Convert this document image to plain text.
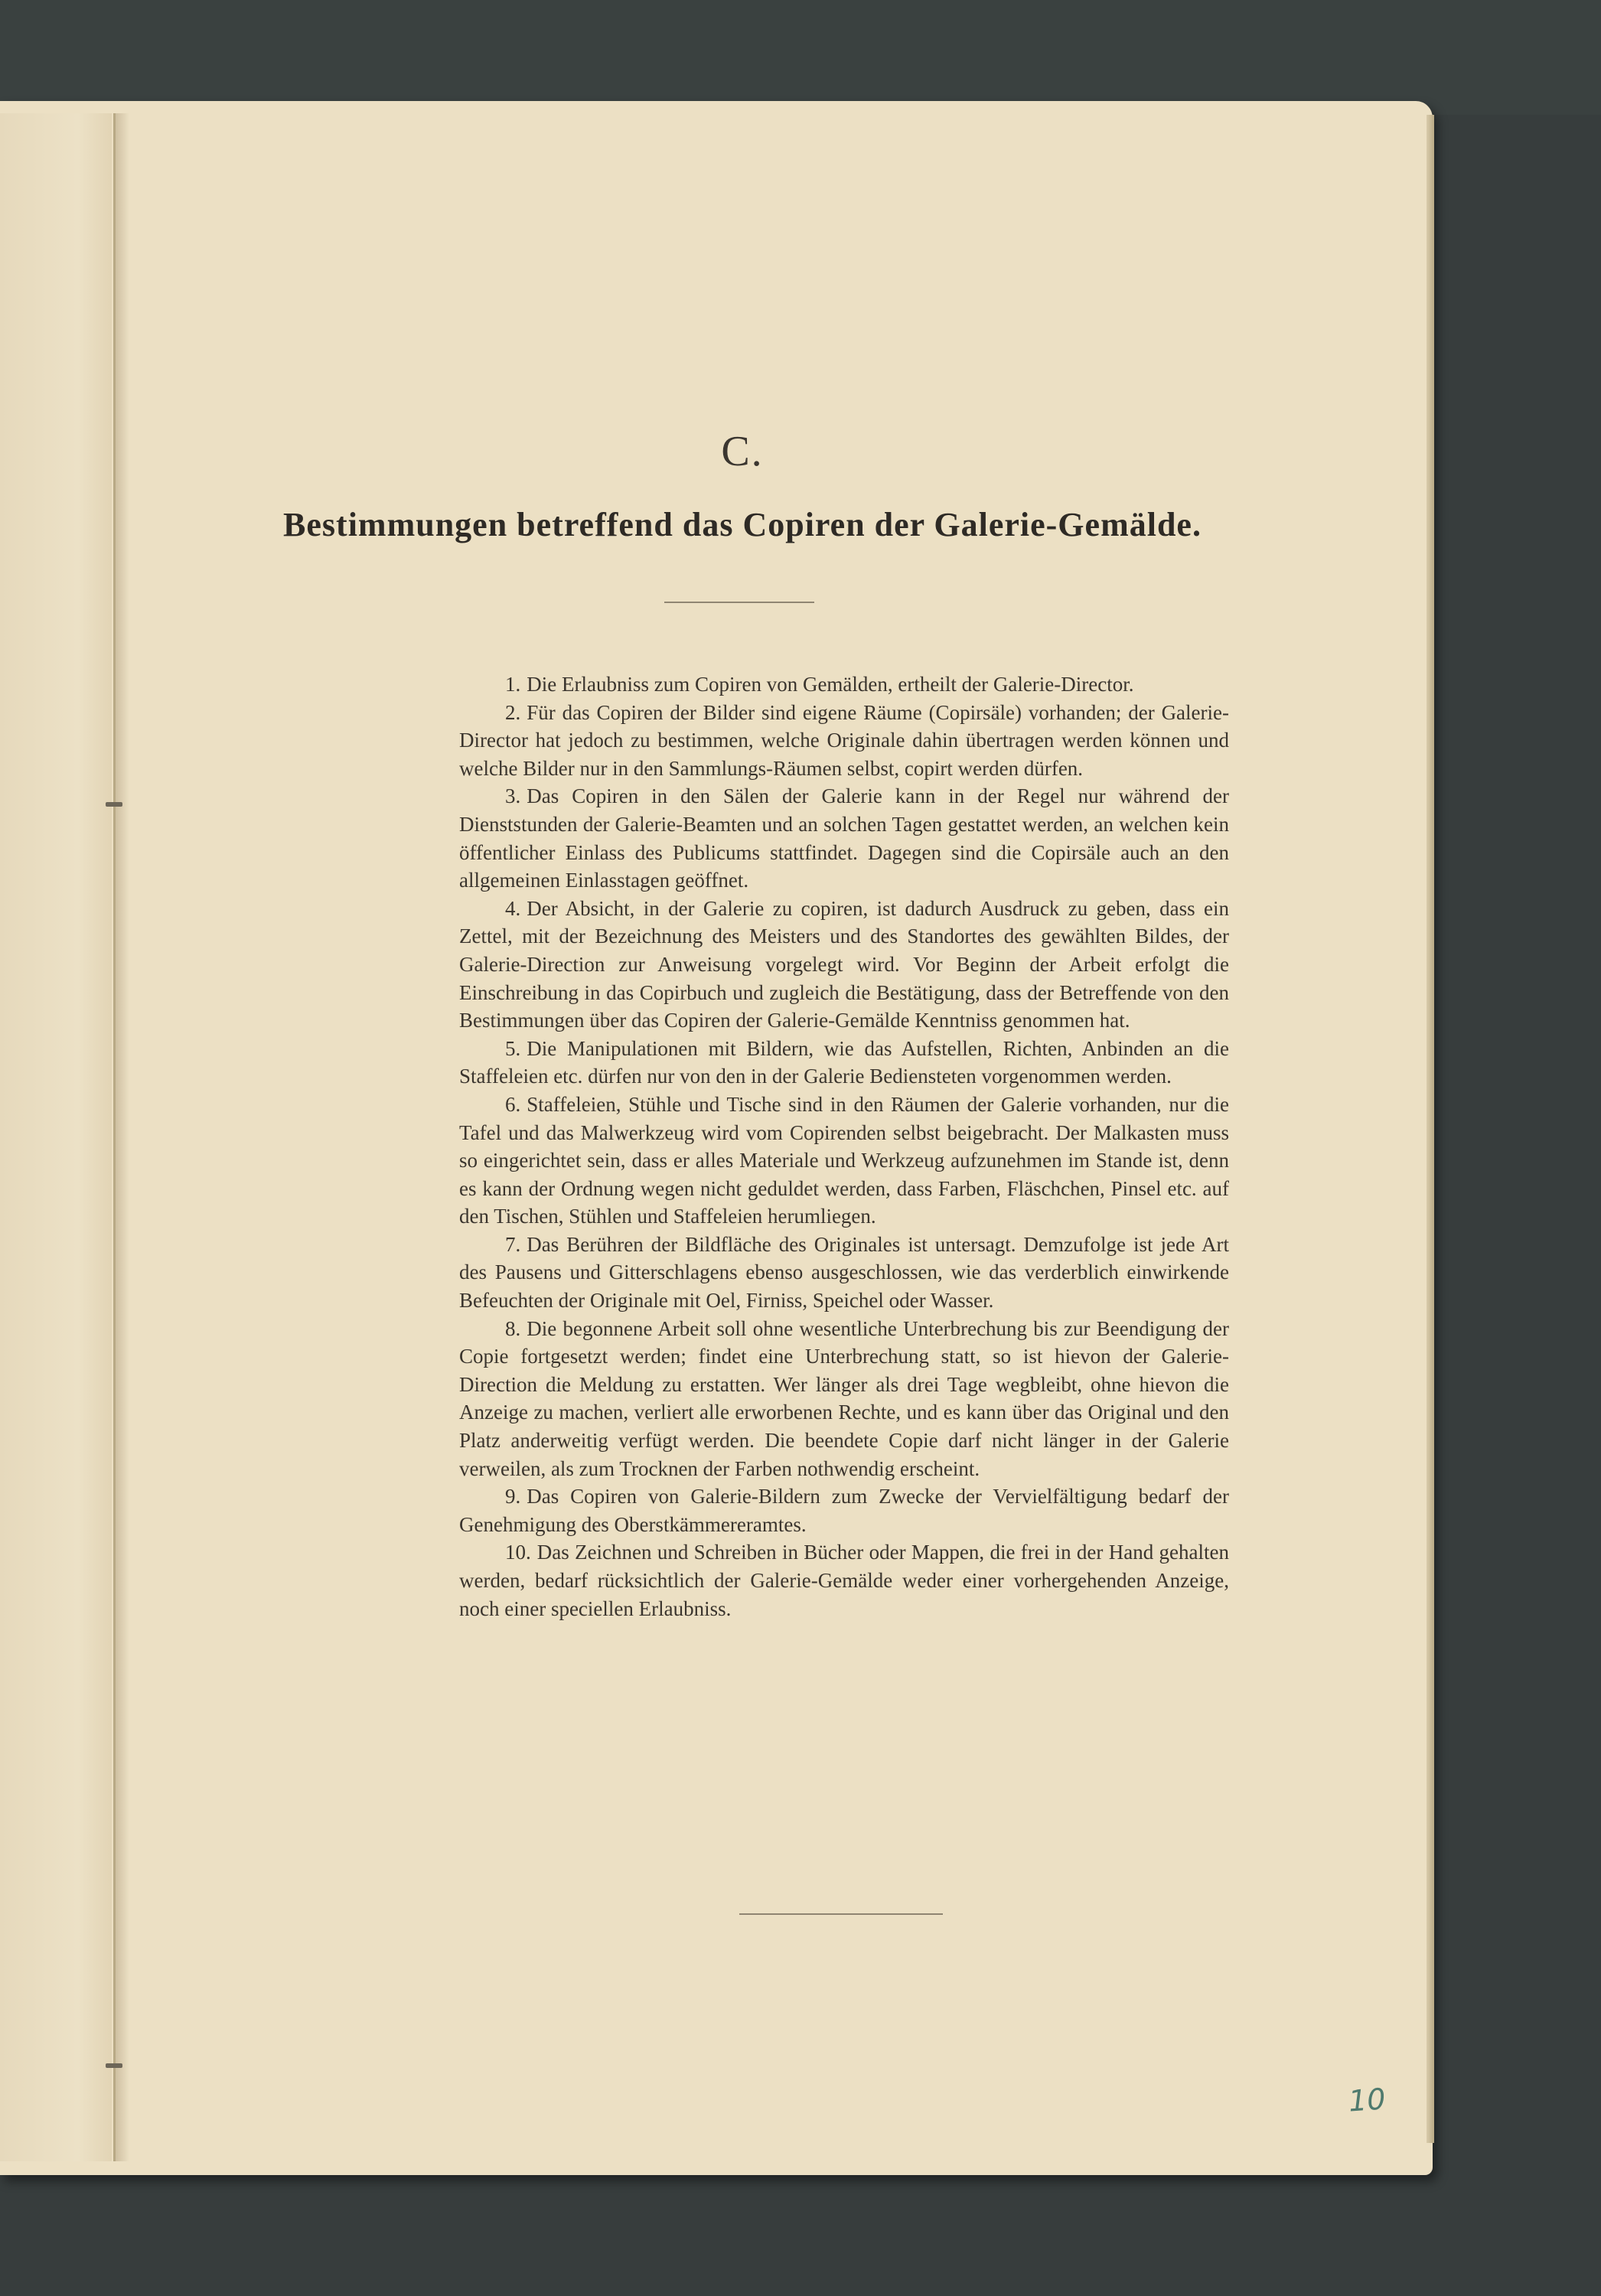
C.
Bestimmungen betreffend das Copiren der Galerie-Gemälde.

1. Die Erlaubniss zum Copiren von Gemälden, ertheilt der Galerie-Director.

2. Für das Copiren der Bilder sind eigene Räume (Copirsäle) vorhanden; der Galerie-Director hat jedoch zu bestimmen, welche Originale dahin übertragen werden können und welche Bilder nur in den Sammlungs-Räumen selbst, copirt werden dürfen.

3. Das Copiren in den Sälen der Galerie kann in der Regel nur während der Dienststunden der Galerie-Beamten und an solchen Tagen gestattet werden, an welchen kein öffentlicher Einlass des Publicums stattfindet. Dagegen sind die Copirsäle auch an den allgemeinen Einlasstagen geöffnet.

4. Der Absicht, in der Galerie zu copiren, ist dadurch Ausdruck zu geben, dass ein Zettel, mit der Bezeichnung des Meisters und des Standortes des gewählten Bildes, der Galerie-Direction zur Anweisung vorgelegt wird. Vor Beginn der Arbeit erfolgt die Einschreibung in das Copirbuch und zugleich die Bestätigung, dass der Betreffende von den Bestimmungen über das Copiren der Galerie-Gemälde Kenntniss genommen hat.

5. Die Manipulationen mit Bildern, wie das Aufstellen, Richten, Anbinden an die Staffeleien etc. dürfen nur von den in der Galerie Bediensteten vorgenommen werden.

6. Staffeleien, Stühle und Tische sind in den Räumen der Galerie vorhanden, nur die Tafel und das Malwerkzeug wird vom Copirenden selbst beigebracht. Der Malkasten muss so eingerichtet sein, dass er alles Materiale und Werkzeug aufzunehmen im Stande ist, denn es kann der Ordnung wegen nicht geduldet werden, dass Farben, Fläschchen, Pinsel etc. auf den Tischen, Stühlen und Staffeleien herumliegen.

7. Das Berühren der Bildfläche des Originales ist untersagt. Demzufolge ist jede Art des Pausens und Gitterschlagens ebenso ausgeschlossen, wie das verderblich einwirkende Befeuchten der Originale mit Oel, Firniss, Speichel oder Wasser.

8. Die begonnene Arbeit soll ohne wesentliche Unterbrechung bis zur Beendigung der Copie fortgesetzt werden; findet eine Unterbrechung statt, so ist hievon der Galerie-Direction die Meldung zu erstatten. Wer länger als drei Tage wegbleibt, ohne hievon die Anzeige zu machen, verliert alle erworbenen Rechte, und es kann über das Original und den Platz anderweitig verfügt werden. Die beendete Copie darf nicht länger in der Galerie verweilen, als zum Trocknen der Farben nothwendig erscheint.

9. Das Copiren von Galerie-Bildern zum Zwecke der Vervielfältigung bedarf der Genehmigung des Oberstkämmereramtes.

10. Das Zeichnen und Schreiben in Bücher oder Mappen, die frei in der Hand gehalten werden, bedarf rücksichtlich der Galerie-Gemälde weder einer vorhergehenden Anzeige, noch einer speciellen Erlaubniss.

10
